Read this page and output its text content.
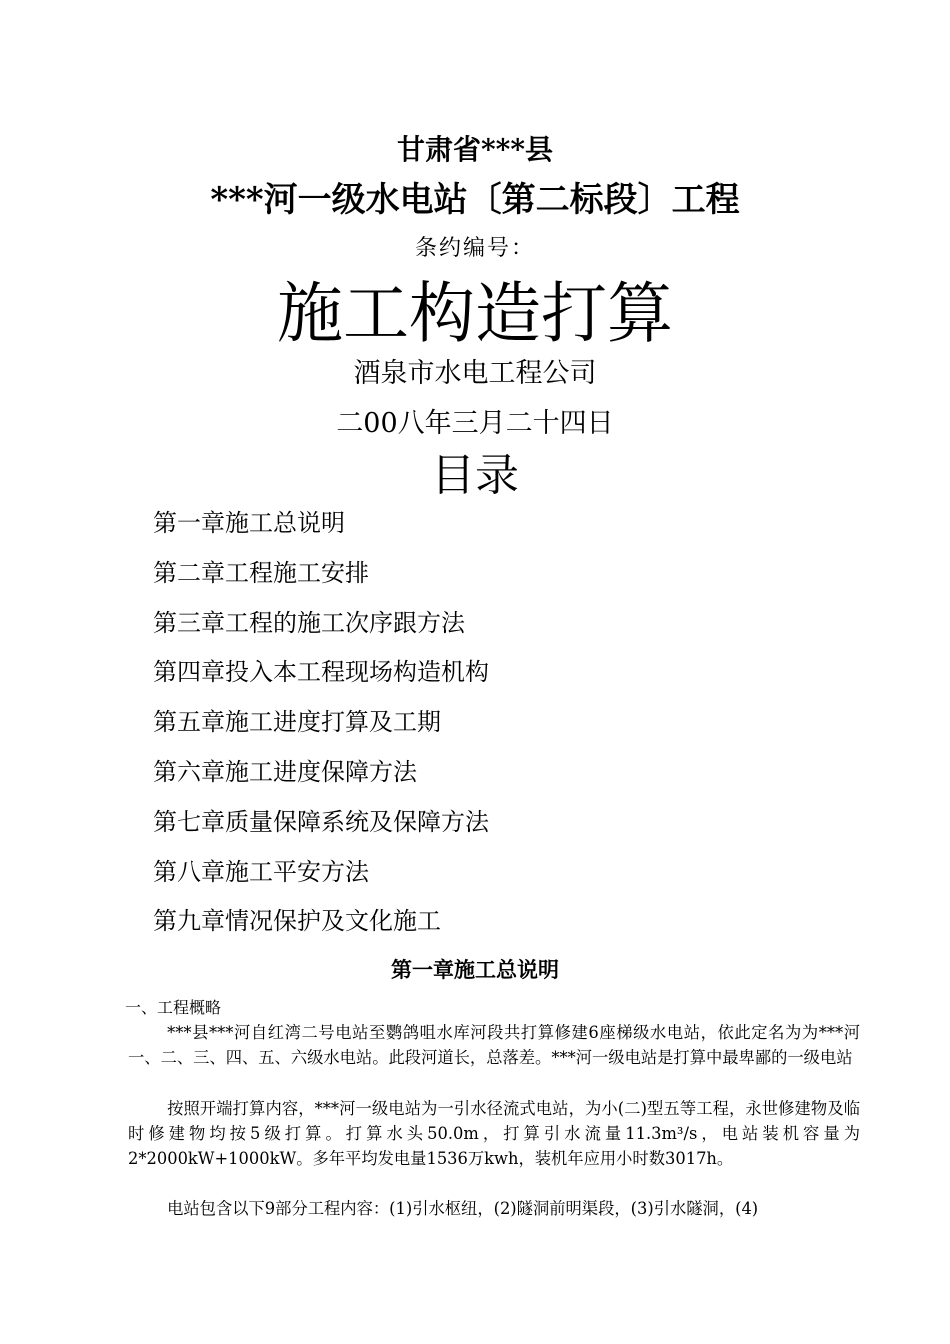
甘肃省***县
***河一级水电站〔第二标段〕工程
条约编号：
施工构造打算
酒泉市水电工程公司
二00八年三月二十四日
目录
第一章施工总说明
第二章工程施工安排
第三章工程的施工次序跟方法
第四章投入本工程现场构造机构
第五章施工进度打算及工期
第六章施工进度保障方法
第七章质量保障系统及保障方法
第八章施工平安方法
第九章情况保护及文化施工
第一章施工总说明
一、工程概略

***县***河自红湾二号电站至鹦鸽咀水库河段共打算修建6座梯级水电站，依此定名为为***河一、二、三、四、五、六级水电站。此段河道长，总落差。***河一级电站是打算中最卑鄙的一级电站

按照开端打算内容，***河一级电站为一引水径流式电站，为小(二)型五等工程，永世修建物及临时修建物均按5级打算。打算水头50.0m，打算引水流量11.3m³/s，电站装机容量为2*2000kW+1000kW。多年平均发电量1536万kwh，装机年应用小时数3017h。

电站包含以下9部分工程内容：(1)引水枢纽，(2)隧洞前明渠段，(3)引水隧洞，(4)
